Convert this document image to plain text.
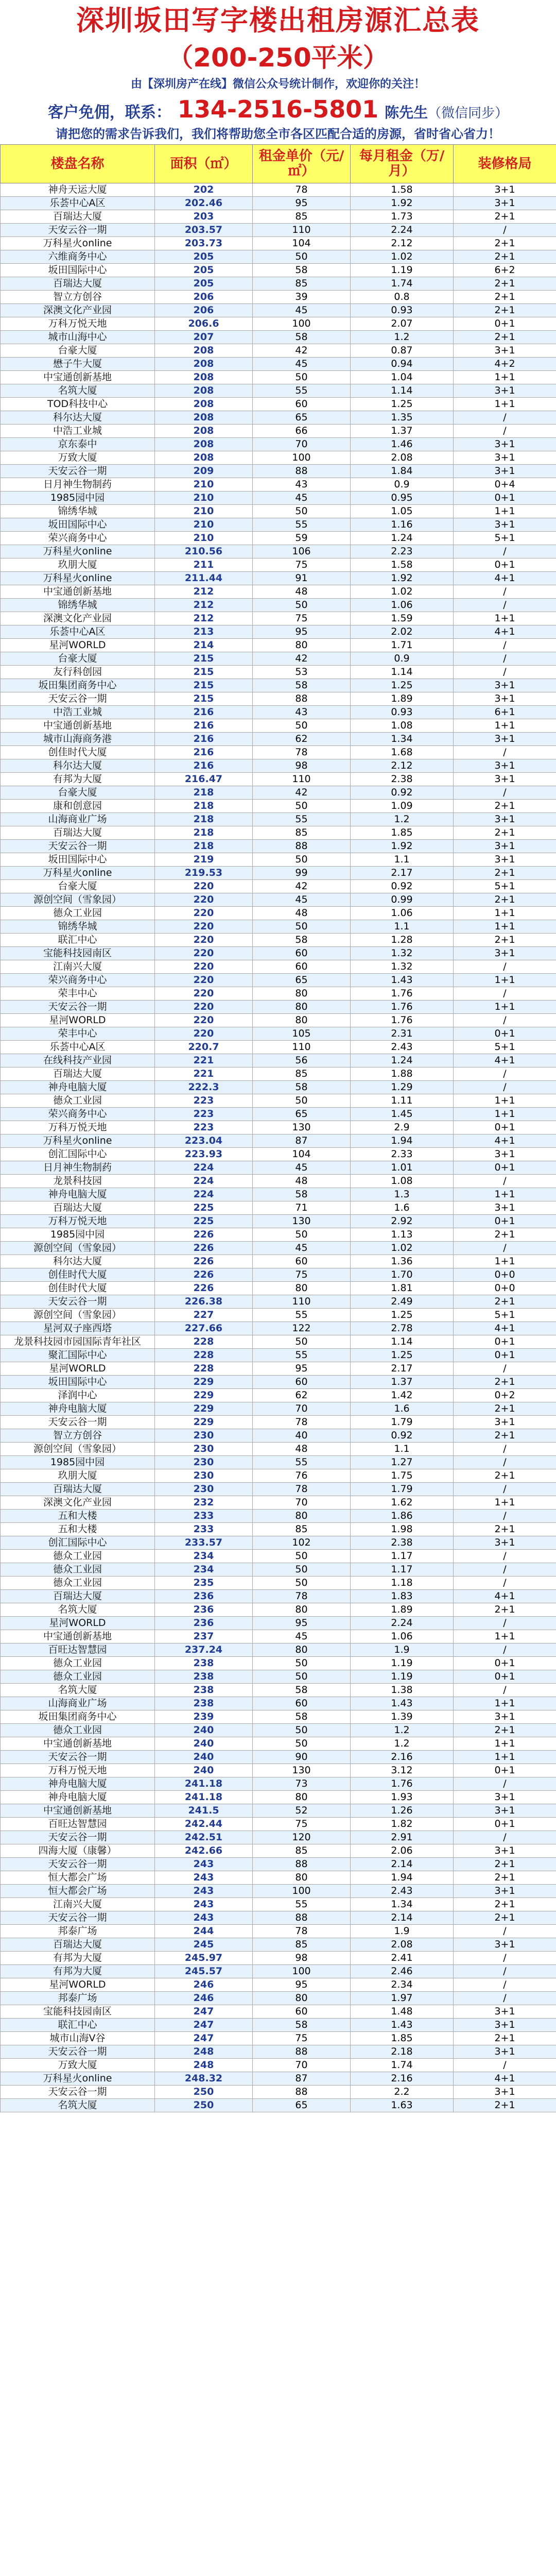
深圳坂田写字楼出租房源汇总表
（200-250平米）
由【深圳房产在线】微信公众号统计制作，欢迎你的关注！
客户免佣，联系： 134-2516-5801 陈先生（微信同步）
请把您的需求告诉我们，我们将帮助您全市各区匹配合适的房源，省时省心省力！
楼盘名称	面积（㎡）	租金单价（元/㎡）	每月租金（万/月）	装修格局
神舟天运大厦	202	78	1.58	3+1
乐荟中心A区	202.46	95	1.92	3+1
百瑞达大厦	203	85	1.73	2+1
天安云谷一期	203.57	110	2.24	/
万科星火online	203.73	104	2.12	2+1
六维商务中心	205	50	1.02	2+1
坂田国际中心	205	58	1.19	6+2
百瑞达大厦	205	85	1.74	2+1
智立方创谷	206	39	0.8	2+1
深澳文化产业园	206	45	0.93	2+1
万科万悦天地	206.6	100	2.07	0+1
城市山海中心	207	58	1.2	2+1
台豪大厦	208	42	0.87	3+1
懋子牛大厦	208	45	0.94	4+2
中宝通创新基地	208	50	1.04	1+1
名筑大厦	208	55	1.14	3+1
TOD科技中心	208	60	1.25	1+1
科尔达大厦	208	65	1.35	/
中浩工业城	208	66	1.37	/
京东泰中	208	70	1.46	3+1
万致大厦	208	100	2.08	3+1
天安云谷一期	209	88	1.84	3+1
日月神生物制药	210	43	0.9	0+4
1985园中园	210	45	0.95	0+1
锦绣华城	210	50	1.05	1+1
坂田国际中心	210	55	1.16	3+1
荣兴商务中心	210	59	1.24	5+1
万科星火online	210.56	106	2.23	/
玖朋大厦	211	75	1.58	0+1
万科星火online	211.44	91	1.92	4+1
中宝通创新基地	212	48	1.02	/
锦绣华城	212	50	1.06	/
深澳文化产业园	212	75	1.59	1+1
乐荟中心A区	213	95	2.02	4+1
星河WORLD	214	80	1.71	/
台豪大厦	215	42	0.9	/
友行科创园	215	53	1.14	/
坂田集团商务中心	215	58	1.25	3+1
天安云谷一期	215	88	1.89	3+1
中浩工业城	216	43	0.93	6+1
中宝通创新基地	216	50	1.08	1+1
城市山海商务港	216	62	1.34	3+1
创佳时代大厦	216	78	1.68	/
科尔达大厦	216	98	2.12	3+1
有邦为大厦	216.47	110	2.38	3+1
台豪大厦	218	42	0.92	/
康和创意园	218	50	1.09	2+1
山海商业广场	218	55	1.2	3+1
百瑞达大厦	218	85	1.85	2+1
天安云谷一期	218	88	1.92	3+1
坂田国际中心	219	50	1.1	3+1
万科星火online	219.53	99	2.17	2+1
台豪大厦	220	42	0.92	5+1
源创空间（雪象园）	220	45	0.99	2+1
德众工业园	220	48	1.06	1+1
锦绣华城	220	50	1.1	1+1
联汇中心	220	58	1.28	2+1
宝能科技园南区	220	60	1.32	3+1
江南兴大厦	220	60	1.32	/
荣兴商务中心	220	65	1.43	1+1
荣丰中心	220	80	1.76	/
天安云谷一期	220	80	1.76	1+1
星河WORLD	220	80	1.76	/
荣丰中心	220	105	2.31	0+1
乐荟中心A区	220.7	110	2.43	5+1
在线科技产业园	221	56	1.24	4+1
百瑞达大厦	221	85	1.88	/
神舟电脑大厦	222.3	58	1.29	/
德众工业园	223	50	1.11	1+1
荣兴商务中心	223	65	1.45	1+1
万科万悦天地	223	130	2.9	0+1
万科星火online	223.04	87	1.94	4+1
创汇国际中心	223.93	104	2.33	3+1
日月神生物制药	224	45	1.01	0+1
龙景科技园	224	48	1.08	/
神舟电脑大厦	224	58	1.3	1+1
百瑞达大厦	225	71	1.6	3+1
万科万悦天地	225	130	2.92	0+1
1985园中园	226	50	1.13	2+1
源创空间（雪象园）	226	45	1.02	/
科尔达大厦	226	60	1.36	1+1
创佳时代大厦	226	75	1.70	0+0
创佳时代大厦	226	80	1.81	0+0
天安云谷一期	226.38	110	2.49	2+1
源创空间（雪象园）	227	55	1.25	5+1
星河双子座西塔	227.66	122	2.78	4+1
龙景科技园市园国际青年社区	228	50	1.14	0+1
聚汇国际中心	228	55	1.25	0+1
星河WORLD	228	95	2.17	/
坂田国际中心	229	60	1.37	2+1
泽润中心	229	62	1.42	0+2
神舟电脑大厦	229	70	1.6	2+1
天安云谷一期	229	78	1.79	3+1
智立方创谷	230	40	0.92	2+1
源创空间（雪象园）	230	48	1.1	/
1985园中园	230	55	1.27	/
玖朋大厦	230	76	1.75	2+1
百瑞达大厦	230	78	1.79	/
深澳文化产业园	232	70	1.62	1+1
五和大楼	233	80	1.86	/
五和大楼	233	85	1.98	2+1
创汇国际中心	233.57	102	2.38	3+1
德众工业园	234	50	1.17	/
德众工业园	234	50	1.17	/
德众工业园	235	50	1.18	/
百瑞达大厦	236	78	1.83	4+1
名筑大厦	236	80	1.89	2+1
星河WORLD	236	95	2.24	/
中宝通创新基地	237	45	1.06	1+1
百旺达智慧园	237.24	80	1.9	/
德众工业园	238	50	1.19	0+1
德众工业园	238	50	1.19	0+1
名筑大厦	238	58	1.38	/
山海商业广场	238	60	1.43	1+1
坂田集团商务中心	239	58	1.39	3+1
德众工业园	240	50	1.2	2+1
中宝通创新基地	240	50	1.2	1+1
天安云谷一期	240	90	2.16	1+1
万科万悦天地	240	130	3.12	0+1
神舟电脑大厦	241.18	73	1.76	/
神舟电脑大厦	241.18	80	1.93	3+1
中宝通创新基地	241.5	52	1.26	3+1
百旺达智慧园	242.44	75	1.82	0+1
天安云谷一期	242.51	120	2.91	/
四海大厦（康馨）	242.66	85	2.06	3+1
天安云谷一期	243	88	2.14	2+1
恒大都会广场	243	80	1.94	2+1
恒大都会广场	243	100	2.43	3+1
江南兴大厦	243	55	1.34	2+1
天安云谷一期	243	88	2.14	2+1
邦泰广场	244	78	1.9	/
百瑞达大厦	245	85	2.08	3+1
有邦为大厦	245.97	98	2.41	/
有邦为大厦	245.57	100	2.46	/
星河WORLD	246	95	2.34	/
邦泰广场	246	80	1.97	/
宝能科技园南区	247	60	1.48	3+1
联汇中心	247	58	1.43	3+1
城市山海V谷	247	75	1.85	2+1
天安云谷一期	248	88	2.18	3+1
万致大厦	248	70	1.74	/
万科星火online	248.32	87	2.16	4+1
天安云谷一期	250	88	2.2	3+1
名筑大厦	250	65	1.63	2+1
